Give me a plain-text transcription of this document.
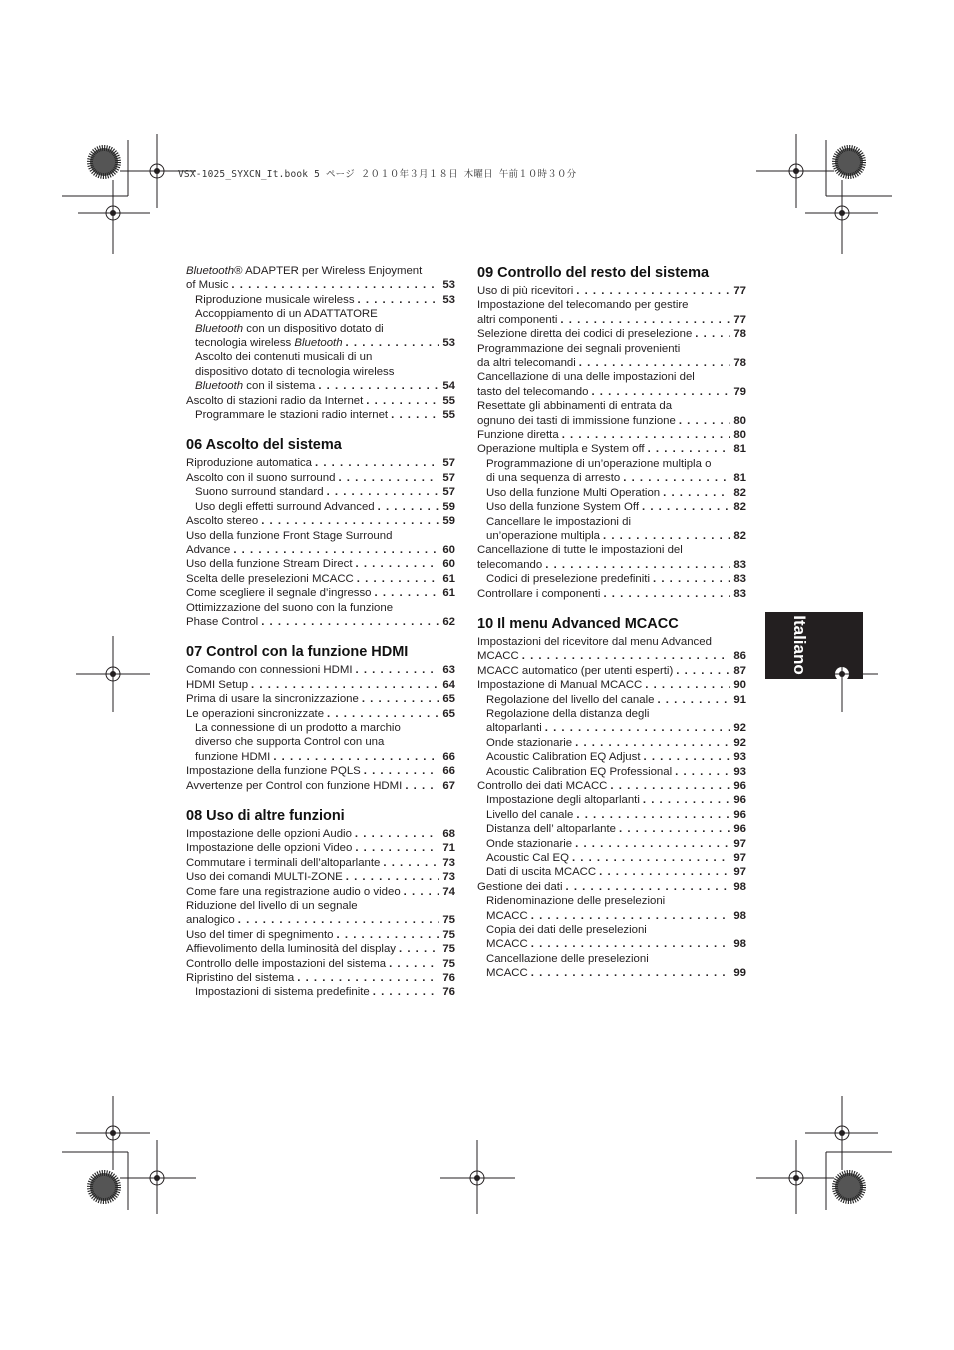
VSX-1025_SYXCN_It.book 5 ページ ２０１０年３月１８日 木曜日 午前１０時３０分
Italiano
Bluetooth® ADAPTER per Wireless Enjoyment
of Music . . .	53
Riproduzione musicale wireless . . .	53
Accoppiamento di un ADATTATORE
Bluetooth con un dispositivo dotato di
tecnologia wireless Bluetooth . . .	53
Ascolto dei contenuti musicali di un
dispositivo dotato di tecnologia wireless
Bluetooth con il sistema . . .	54
Ascolto di stazioni radio da Internet . . .	55
Programmare le stazioni radio internet . . .	55
06 Ascolto del sistema
Riproduzione automatica . . .	57
Ascolto con il suono surround . . .	57
Suono surround standard . . .	57
Uso degli effetti surround Advanced . . .	59
Ascolto stereo . . .	59
Uso della funzione Front Stage Surround
Advance . . .	60
Uso della funzione Stream Direct . . .	60
Scelta delle preselezioni MCACC . . .	61
Come scegliere il segnale d’ingresso . . .	61
Ottimizzazione del suono con la funzione
Phase Control . . .	62
07 Control con la funzione HDMI
Comando con connessioni HDMI . . .	63
HDMI Setup . . .	64
Prima di usare la sincronizzazione . . .	65
Le operazioni sincronizzate . . .	65
La connessione di un prodotto a marchio
diverso che supporta Control con una
funzione HDMI . . .	66
Impostazione della funzione PQLS . . .	66
Avvertenze per Control con funzione HDMI . . .	67
08 Uso di altre funzioni
Impostazione delle opzioni Audio . . .	68
Impostazione delle opzioni Video . . .	71
Commutare i terminali dell’altoparlante . . .	73
Uso dei comandi MULTI-ZONE . . .	73
Come fare una registrazione audio o video . . .	74
Riduzione del livello di un segnale
analogico . . .	75
Uso del timer di spegnimento . . .	75
Affievolimento della luminosità del display . . .	75
Controllo delle impostazioni del sistema . . .	75
Ripristino del sistema . . .	76
Impostazioni di sistema predefinite . . .	76
09 Controllo del resto del sistema
Uso di più ricevitori . . .	77
Impostazione del telecomando per gestire
altri componenti . . .	77
Selezione diretta dei codici di preselezione . . .	78
Programmazione dei segnali provenienti
da altri telecomandi . . .	78
Cancellazione di una delle impostazioni del
tasto del telecomando . . .	79
Resettate gli abbinamenti di entrata da
ognuno dei tasti di immissione funzione . . .	80
Funzione diretta . . .	80
Operazione multipla e System off . . .	81
Programmazione di un’operazione multipla o
di una sequenza di arresto . . .	81
Uso della funzione Multi Operation . . .	82
Uso della funzione System Off . . .	82
Cancellare le impostazioni di
un’operazione multipla . . .	82
Cancellazione di tutte le impostazioni del
telecomando . . .	83
Codici di preselezione predefiniti . . .	83
Controllare i componenti . . .	83
10 Il menu Advanced MCACC
Impostazioni del ricevitore dal menu Advanced
MCACC . . .	86
MCACC automatico (per utenti esperti) . . .	87
Impostazione di Manual MCACC . . .	90
Regolazione del livello del canale . . .	91
Regolazione della distanza degli
altoparlanti . . .	92
Onde stazionarie . . .	92
Acoustic Calibration EQ Adjust . . .	93
Acoustic Calibration EQ Professional . . .	93
Controllo dei dati MCACC . . .	96
Impostazione degli altoparlanti . . .	96
Livello del canale . . .	96
Distanza dell’ altoparlante . . .	96
Onde stazionarie . . .	97
Acoustic Cal EQ . . .	97
Dati di uscita MCACC . . .	97
Gestione dei dati . . .	98
Ridenominazione delle preselezioni
MCACC . . .	98
Copia dei dati delle preselezioni
MCACC . . .	98
Cancellazione delle preselezioni
MCACC . . .	99
